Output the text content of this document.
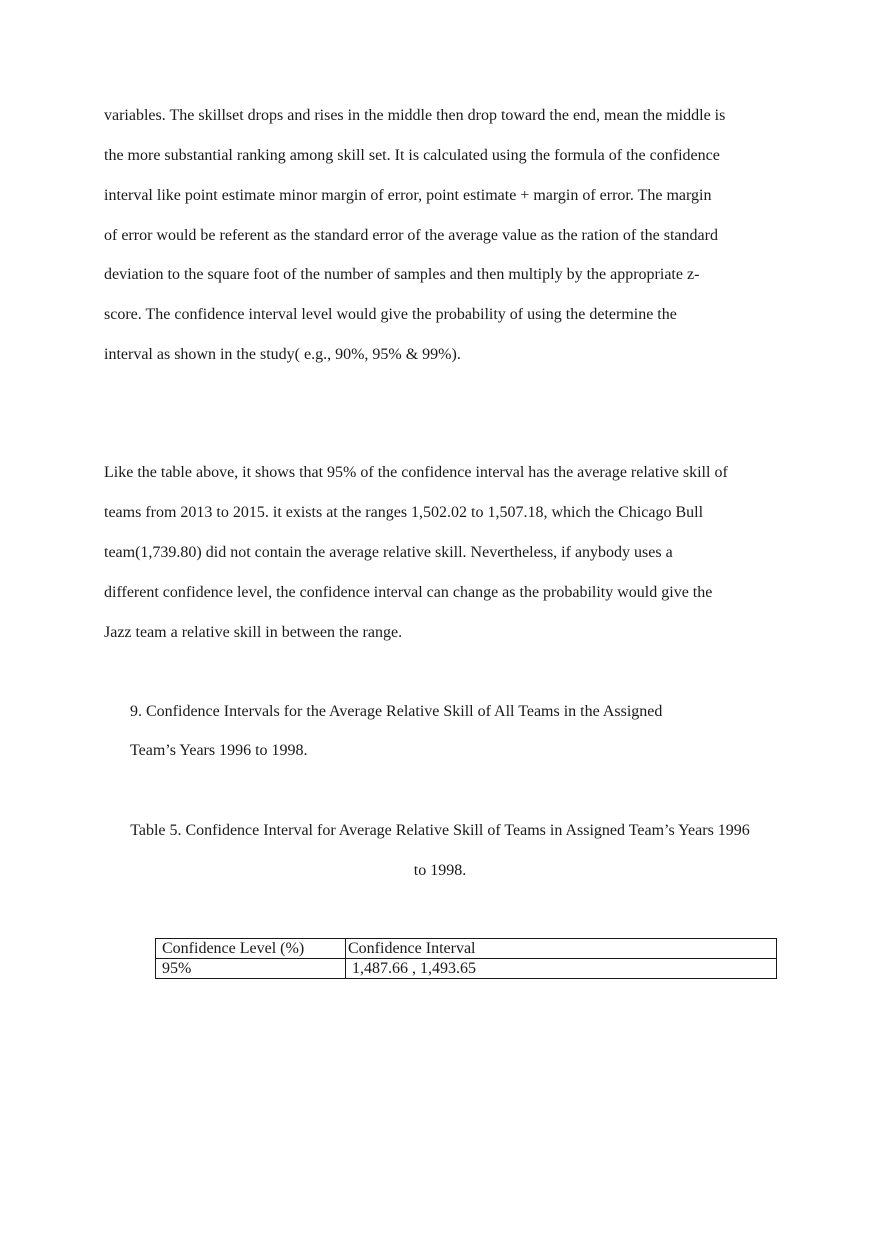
variables. The skillset drops and rises in the middle then drop toward the end, mean the middle is
the more substantial ranking among skill set. It is calculated using the formula of the confidence
interval like point estimate minor margin of error, point estimate + margin of error. The margin
of error would be referent as the standard error of the average value as the ration of the standard
deviation to the square foot of the number of samples and then multiply by the appropriate z-
score. The confidence interval level would give the probability of using the determine the
interval as shown in the study( e.g., 90%, 95% & 99%).
Like the table above, it shows that 95% of the confidence interval has the average relative skill of
teams from 2013 to 2015. it exists at the ranges 1,502.02 to 1,507.18, which the Chicago Bull
team(1,739.80) did not contain the average relative skill. Nevertheless, if anybody uses a
different confidence level, the confidence interval can change as the probability would give the
Jazz team a relative skill in between the range.
9. Confidence Intervals for the Average Relative Skill of All Teams in the Assigned
Team’s Years 1996 to 1998.
Table 5. Confidence Interval for Average Relative Skill of Teams in Assigned Team’s Years 1996
to 1998.
Confidence Level (%)	Confidence Interval
95%	1,487.66 , 1,493.65
